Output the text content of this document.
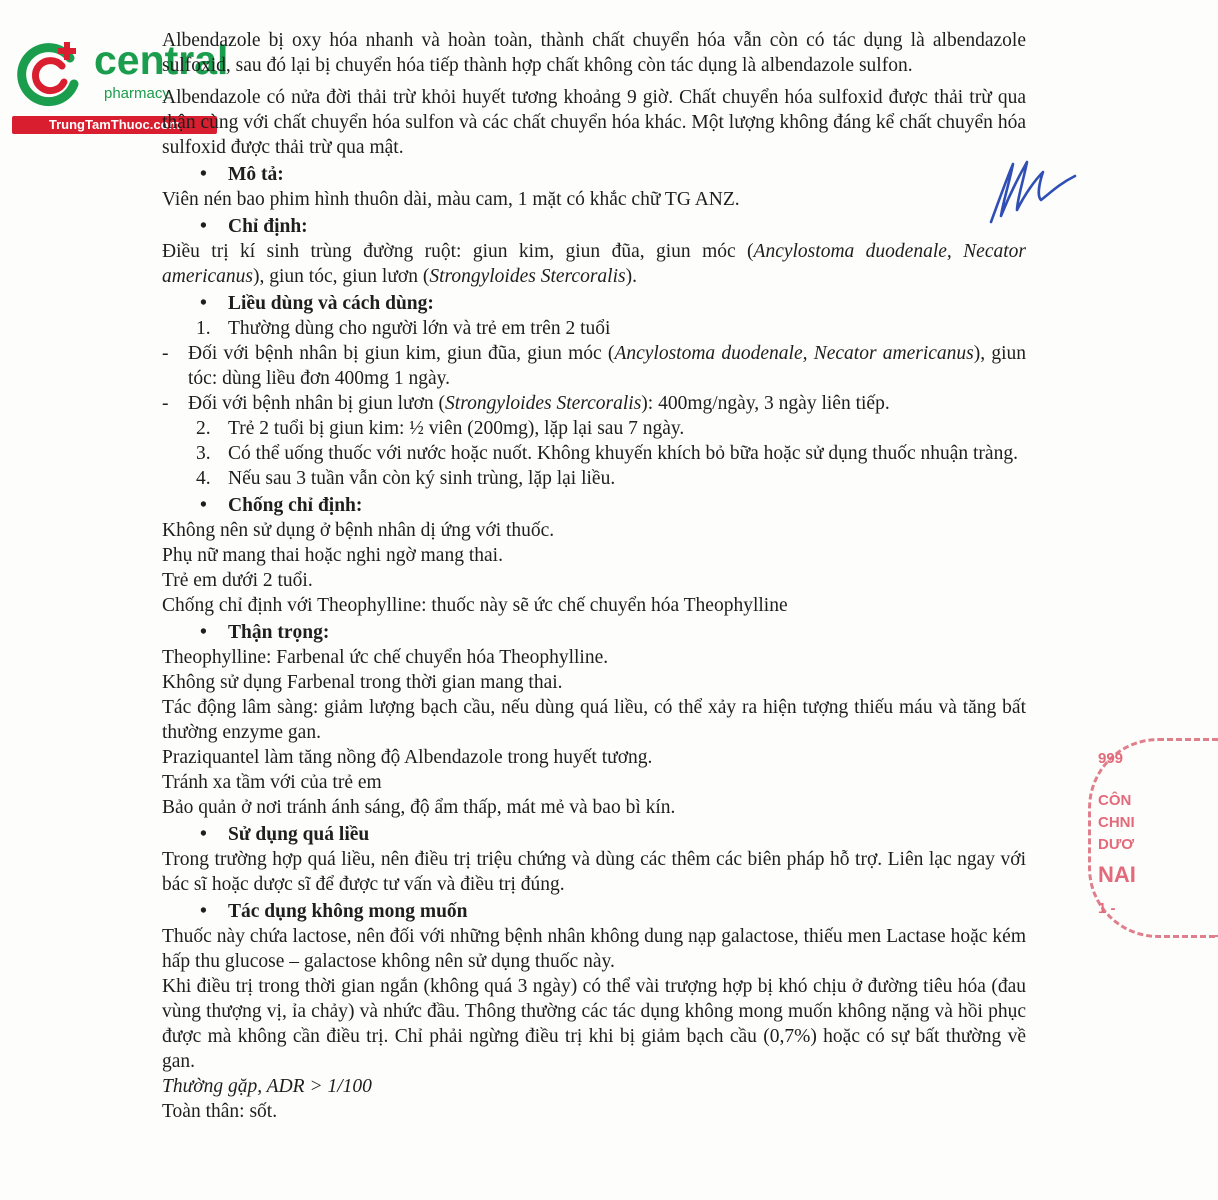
central
pharmacy
TrungTamThuoc.com
999
CÔN
CHNI
DƯƠ
NAI
1 -

Albendazole bị oxy hóa nhanh và hoàn toàn, thành chất chuyển hóa vẫn còn có tác dụng là albendazole sulfoxid, sau đó lại bị chuyển hóa tiếp thành hợp chất không còn tác dụng là albendazole sulfon.

Albendazole có nửa đời thải trừ khỏi huyết tương khoảng 9 giờ. Chất chuyển hóa sulfoxid được thải trừ qua thận cùng với chất chuyển hóa sulfon và các chất chuyển hóa khác. Một lượng không đáng kể chất chuyển hóa sulfoxid được thải trừ qua mật.

• Mô tả:

Viên nén bao phim hình thuôn dài, màu cam, 1 mặt có khắc chữ TG ANZ.

• Chỉ định:

Điều trị kí sinh trùng đường ruột: giun kim, giun đũa, giun móc (Ancylostoma duodenale, Necator americanus), giun tóc, giun lươn (Strongyloides Stercoralis).

• Liều dùng và cách dùng:

1. Thường dùng cho người lớn và trẻ em trên 2 tuổi

- Đối với bệnh nhân bị giun kim, giun đũa, giun móc (Ancylostoma duodenale, Necator americanus), giun tóc: dùng liều đơn 400mg 1 ngày.

- Đối với bệnh nhân bị giun lươn (Strongyloides Stercoralis): 400mg/ngày, 3 ngày liên tiếp.

2. Trẻ 2 tuổi bị giun kim: ½ viên (200mg), lặp lại sau 7 ngày.

3. Có thể uống thuốc với nước hoặc nuốt. Không khuyến khích bỏ bữa hoặc sử dụng thuốc nhuận tràng.

4. Nếu sau 3 tuần vẫn còn ký sinh trùng, lặp lại liều.

• Chống chỉ định:

Không nên sử dụng ở bệnh nhân dị ứng với thuốc.

Phụ nữ mang thai hoặc nghi ngờ mang thai.

Trẻ em dưới 2 tuổi.

Chống chỉ định với Theophylline: thuốc này sẽ ức chế chuyển hóa Theophylline

• Thận trọng:

Theophylline: Farbenal ức chế chuyển hóa Theophylline.

Không sử dụng Farbenal trong thời gian mang thai.

Tác động lâm sàng: giảm lượng bạch cầu, nếu dùng quá liều, có thể xảy ra hiện tượng thiếu máu và tăng bất thường enzyme gan.

Praziquantel làm tăng nồng độ Albendazole trong huyết tương.

Tránh xa tầm với của trẻ em

Bảo quản ở nơi tránh ánh sáng, độ ẩm thấp, mát mẻ và bao bì kín.

• Sử dụng quá liều

Trong trường hợp quá liều, nên điều trị triệu chứng và dùng các thêm các biên pháp hỗ trợ. Liên lạc ngay với bác sĩ hoặc dược sĩ để được tư vấn và điều trị đúng.

• Tác dụng không mong muốn

Thuốc này chứa lactose, nên đối với những bệnh nhân không dung nạp galactose, thiếu men Lactase hoặc kém hấp thu glucose – galactose không nên sử dụng thuốc này.

Khi điều trị trong thời gian ngắn (không quá 3 ngày) có thể vài trượng hợp bị khó chịu ở đường tiêu hóa (đau vùng thượng vị, ỉa chảy) và nhức đầu. Thông thường các tác dụng không mong muốn không nặng và hồi phục được mà không cần điều trị. Chỉ phải ngừng điều trị khi bị giảm bạch cầu (0,7%) hoặc có sự bất thường về gan.

Thường gặp, ADR > 1/100

Toàn thân: sốt.
